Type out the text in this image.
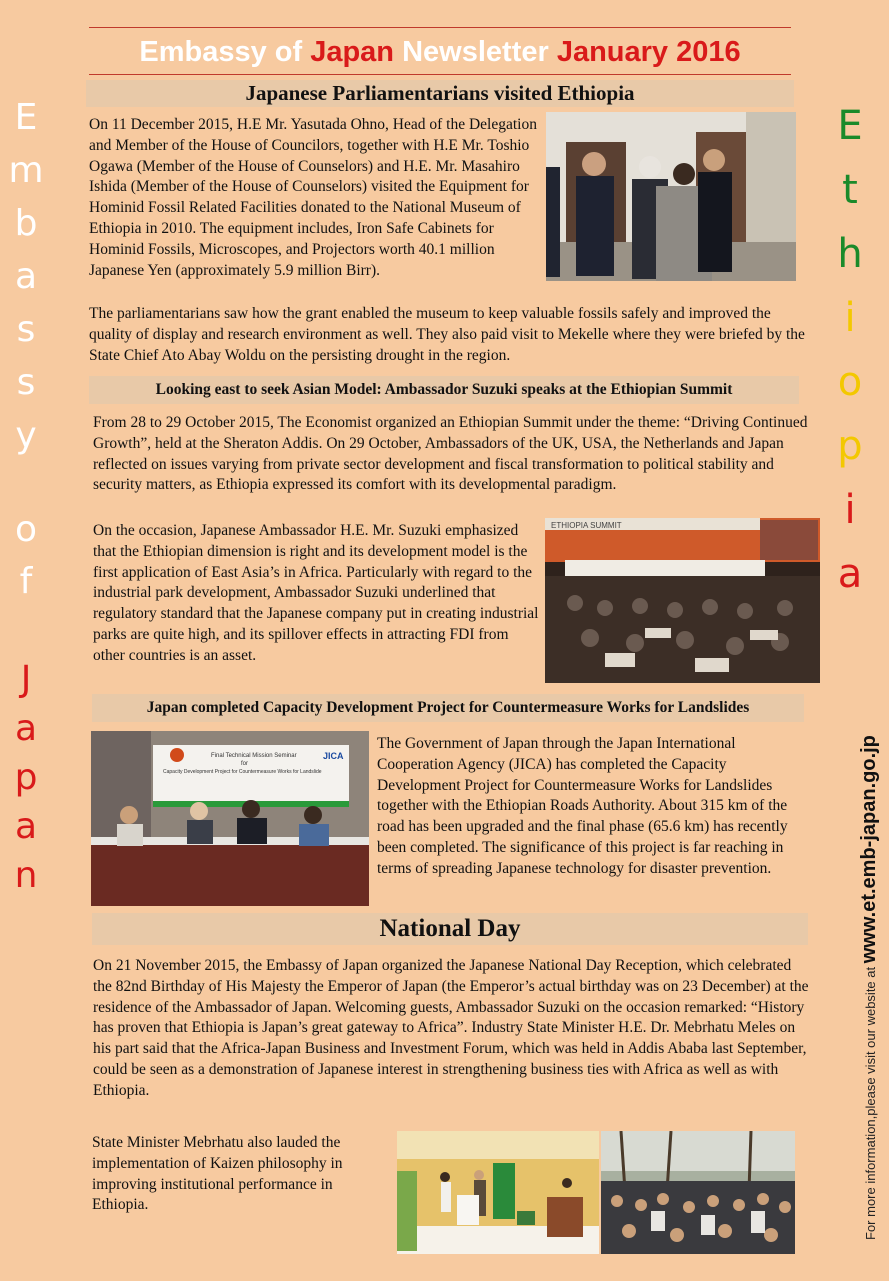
Embassy of Japan Newsletter January 2016
E
m
b
a
s
s
y
o
f
J
a
p
a
n
E
t
h
i
o
p
i
a
For more information,please visit our website at www.et.emb-japan.go.jp
Japanese Parliamentarians visited Ethiopia

On 11 December 2015, H.E Mr. Yasutada Ohno, Head of the Delegation and Member of the House of Councilors, together with H.E Mr. Toshio Ogawa (Member of the House of Counselors) and H.E. Mr. Masahiro Ishida (Member of the House of Counselors) visited the Equipment for Hominid Fossil Related Facilities donated to the National Museum of Ethiopia in 2010. The equipment includes, Iron Safe Cabinets for Hominid Fossils, Microscopes, and Projectors worth 40.1 million Japanese Yen (approximately 5.9 million Birr).

The parliamentarians saw how the grant enabled the museum to keep valuable fossils safely and improved the quality of display and research environment as well. They also paid visit to Mekelle where they were briefed by the State Chief Ato Abay Woldu on the persisting drought in the region.

Looking east to seek Asian Model: Ambassador Suzuki speaks at the Ethiopian Summit

From 28 to 29 October 2015, The Economist organized an Ethiopian Summit under the theme: “Driving Continued Growth”, held at the Sheraton Addis. On 29 October, Ambassadors of the UK, USA, the Netherlands and Japan reflected on issues varying from private sector development and fiscal transformation to political stability and security matters, as Ethiopia expressed its comfort with its developmental paradigm.

On the occasion, Japanese Ambassador H.E. Mr. Suzuki emphasized that the Ethiopian dimension is right and its development model is the first application of East Asia’s in Africa. Particularly with regard to the industrial park development, Ambassador Suzuki underlined that regulatory standard that the Japanese company put in creating industrial parks are quite high, and its spillover effects in attracting FDI from other countries is an asset.

ETHIOPIA SUMMIT
Japan completed Capacity Development Project for Countermeasure Works for Landslides
Final Technical Mission Seminar
for
Capacity Development Project for Countermeasure Works for Landslide
JICA

The Government of Japan through the Japan International Cooperation Agency (JICA) has completed the Capacity Development Project for Countermeasure Works for Landslides together with the Ethiopian Roads Authority. About 315 km of the road has been upgraded and the final phase (65.6 km) has recently been completed. The significance of this project is far reaching in terms of spreading Japanese technology for disaster prevention.

National Day

On 21 November 2015, the Embassy of Japan organized the Japanese National Day Reception, which celebrated the 82nd Birthday of His Majesty the Emperor of Japan (the Emperor’s actual birthday was on 23 December) at the residence of the Ambassador of Japan. Welcoming guests, Ambassador Suzuki on the occasion remarked: “History has proven that Ethiopia is Japan’s great gateway to Africa”. Industry State Minister H.E. Dr. Mebrhatu Meles on his part said that the Africa-Japan Business and Investment Forum, which was held in Addis Ababa last September, could be seen as a demonstration of Japanese interest in strengthening business ties with Africa as well as with Ethiopia.

State Minister Mebrhatu also lauded the implementation of Kaizen philosophy in improving institutional performance in Ethiopia.
